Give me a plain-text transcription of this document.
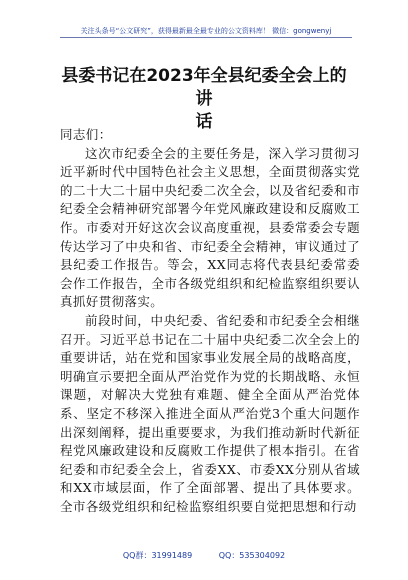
关注头条号“公文研究”，获得最新最全最专业的公文资料库！ 微信：gongwenyj
县委书记在2023年全县纪委全会上的讲
话

同志们：

这次市纪委全会的主要任务是，深入学习贯彻习近平新时代中国特色社会主义思想，全面贯彻落实党的二十大二十届中央纪委二次全会，以及省纪委和市纪委全会精神研究部署今年党风廉政建设和反腐败工作。市委对开好这次会议高度重视，县委常委会专题传达学习了中央和省、市纪委全会精神，审议通过了县纪委工作报告。等会，XX同志将代表县纪委常委会作工作报告，全市各级党组织和纪检监察组织要认真抓好贯彻落实。

前段时间，中央纪委、省纪委和市纪委全会相继召开。习近平总书记在二十届中央纪委二次全会上的重要讲话，站在党和国家事业发展全局的战略高度，明确宣示要把全面从严治党作为党的长期战略、永恒课题，对解决大党独有难题、健全全面从严治党体系、坚定不移深入推进全面从严治党3个重大问题作出深刻阐释，提出重要要求，为我们推动新时代新征程党风廉政建设和反腐败工作提供了根本指引。在省纪委和市纪委全会上，省委XX、市委XX分别从省域和XX市域层面，作了全面部署、提出了具体要求。全市各级党组织和纪检监察组织要自觉把思想和行动

QQ群：31991489	QQ：535304092
